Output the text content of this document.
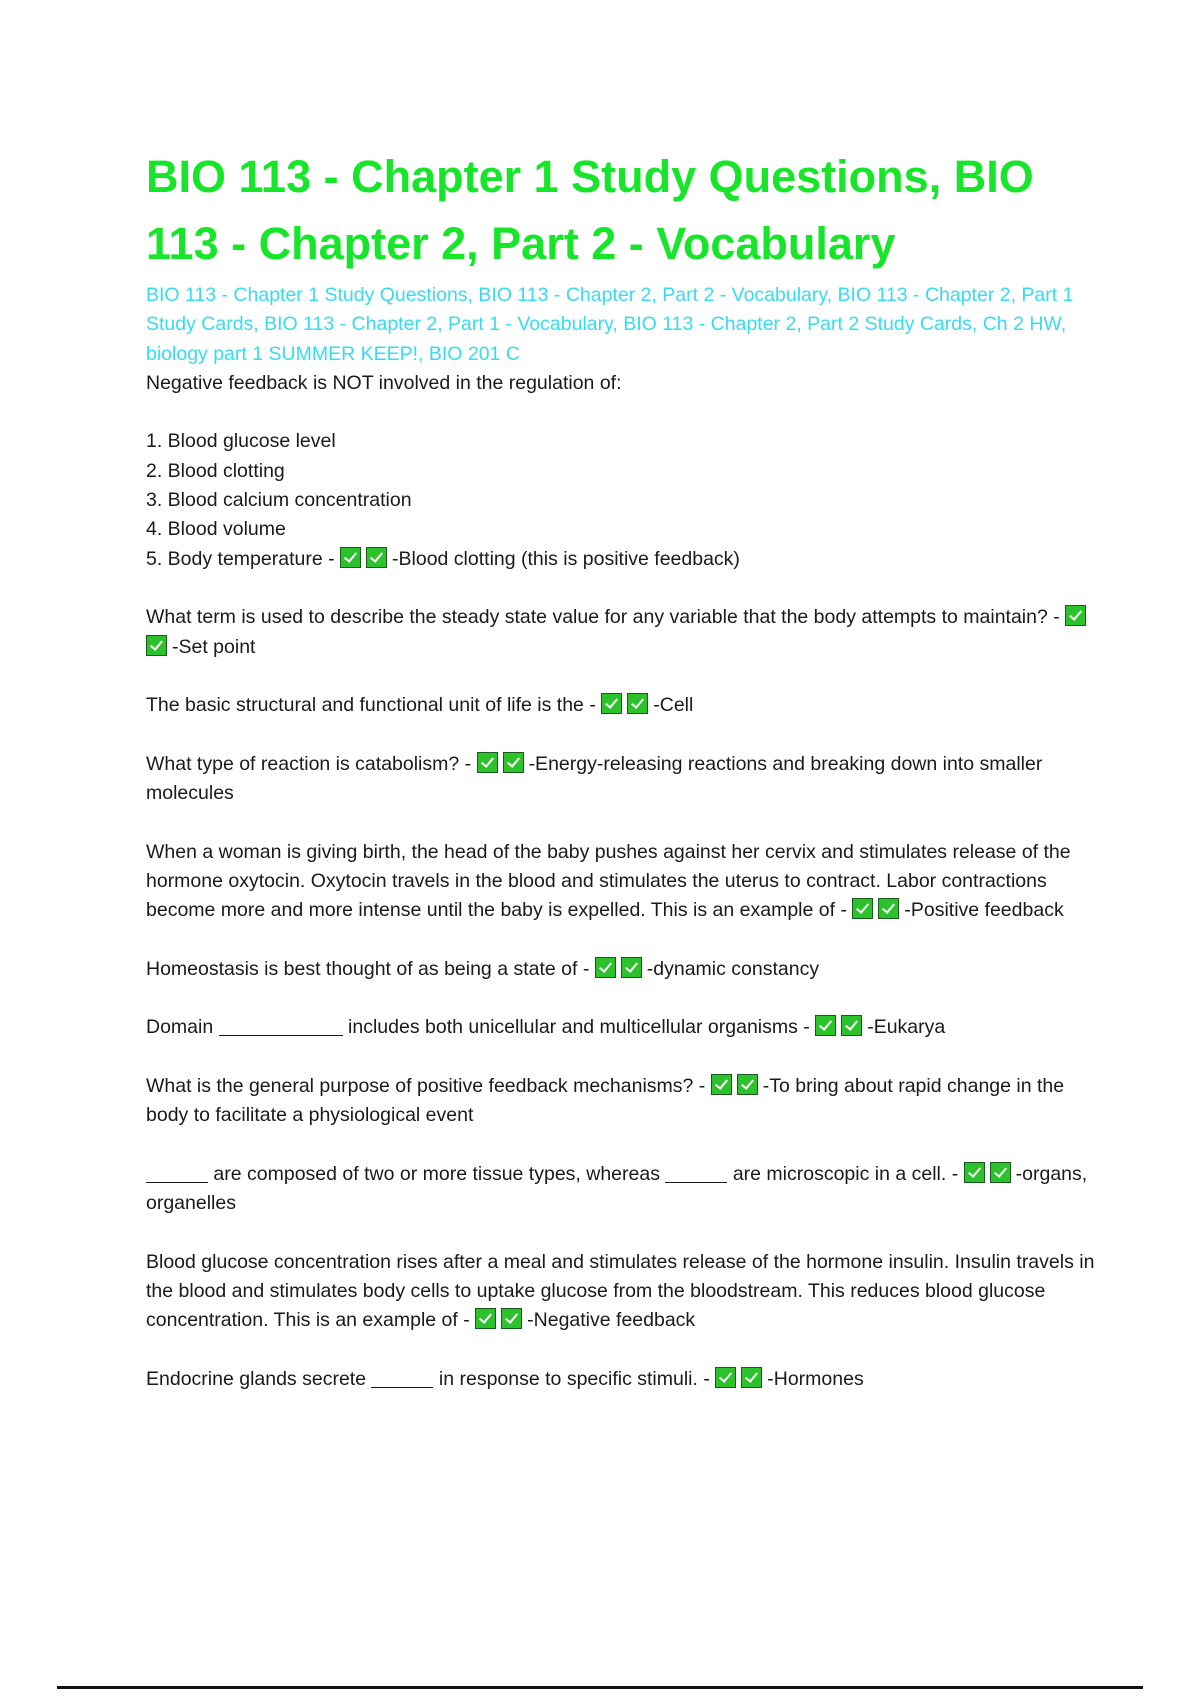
BIO 113 - Chapter 1 Study Questions, BIO 113 - Chapter 2, Part 2 - Vocabulary
BIO 113 - Chapter 1 Study Questions, BIO 113 - Chapter 2, Part 2 - Vocabulary, BIO 113 - Chapter 2, Part 1 Study Cards, BIO 113 - Chapter 2, Part 1 - Vocabulary, BIO 113 - Chapter 2, Part 2 Study Cards, Ch 2 HW, biology part 1 SUMMER KEEP!, BIO 201 C
Negative feedback is NOT involved in the regulation of:
1. Blood glucose level
2. Blood clotting
3. Blood calcium concentration
4. Blood volume
5. Body temperature -	-Blood clotting (this is positive feedback)
What term is used to describe the steady state value for any variable that the body attempts to maintain? - -Set point
The basic structural and functional unit of life is the -	-Cell
What type of reaction is catabolism? -	-Energy-releasing reactions and breaking down into smaller molecules
When a woman is giving birth, the head of the baby pushes against her cervix and stimulates release of the hormone oxytocin. Oxytocin travels in the blood and stimulates the uterus to contract. Labor contractions become more and more intense until the baby is expelled. This is an example of -	-Positive feedback
Homeostasis is best thought of as being a state of -	-dynamic constancy
Domain	includes both unicellular and multicellular organisms -	-Eukarya
What is the general purpose of positive feedback mechanisms? -	-To bring about rapid change in the body to facilitate a physiological event
are composed of two or more tissue types, whereas	are microscopic in a cell. -	-organs, organelles
Blood glucose concentration rises after a meal and stimulates release of the hormone insulin. Insulin travels in the blood and stimulates body cells to uptake glucose from the bloodstream. This reduces blood glucose concentration. This is an example of -	-Negative feedback
Endocrine glands secrete	in response to specific stimuli. -	-Hormones
